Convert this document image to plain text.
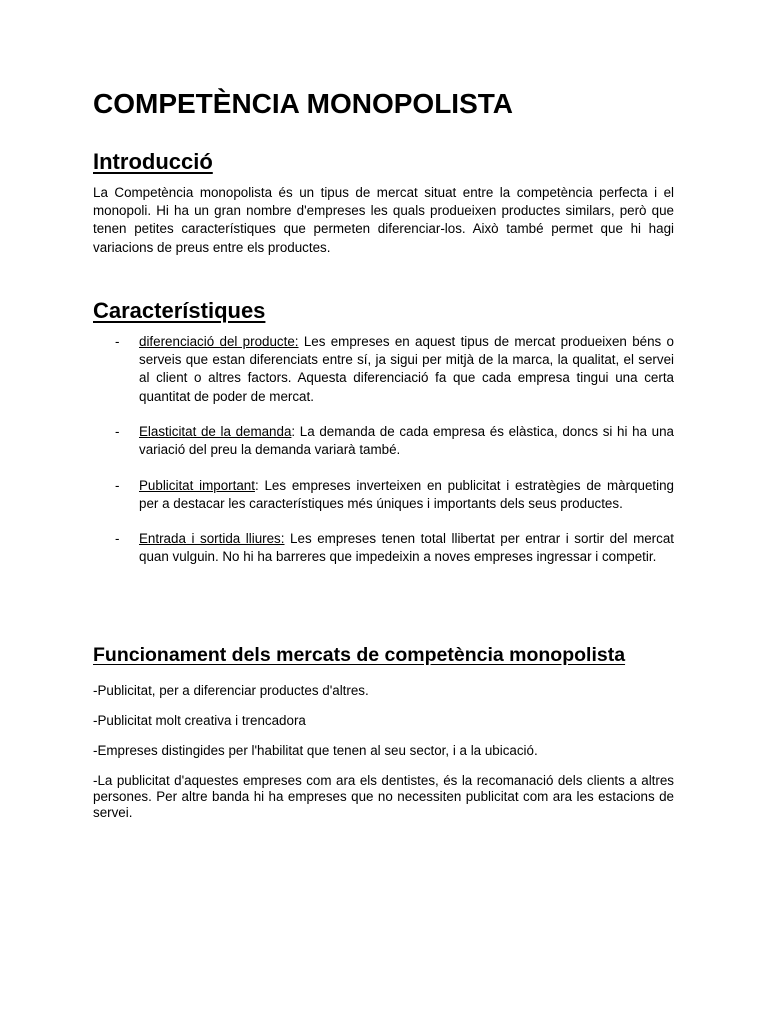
COMPETÈNCIA MONOPOLISTA
Introducció

La Competència monopolista és un tipus de mercat situat entre la competència perfecta i el monopoli. Hi ha un gran nombre d'empreses les quals produeixen productes similars, però que tenen petites característiques que permeten diferenciar-los. Això també permet que hi hagi variacions de preus entre els productes.

Característiques
- diferenciació del producte: Les empreses en aquest tipus de mercat produeixen béns o serveis que estan diferenciats entre sí, ja sigui per mitjà de la marca, la qualitat, el servei al client o altres factors. Aquesta diferenciació fa que cada empresa tingui una certa quantitat de poder de mercat.
- Elasticitat de la demanda: La demanda de cada empresa és elàstica, doncs si hi ha una variació del preu la demanda variarà també.
- Publicitat important: Les empreses inverteixen en publicitat i estratègies de màrqueting per a destacar les característiques més úniques i importants dels seus productes.
- Entrada i sortida lliures: Les empreses tenen total llibertat per entrar i sortir del mercat quan vulguin. No hi ha barreres que impedeixin a noves empreses ingressar i competir.
Funcionament dels mercats de competència monopolista

-Publicitat, per a diferenciar productes d'altres.

-Publicitat molt creativa i trencadora

-Empreses distingides per l'habilitat que tenen al seu sector, i a la ubicació.

-La publicitat d'aquestes empreses com ara els dentistes, és la recomanació dels clients a altres persones. Per altre banda hi ha empreses que no necessiten publicitat com ara les estacions de servei.
